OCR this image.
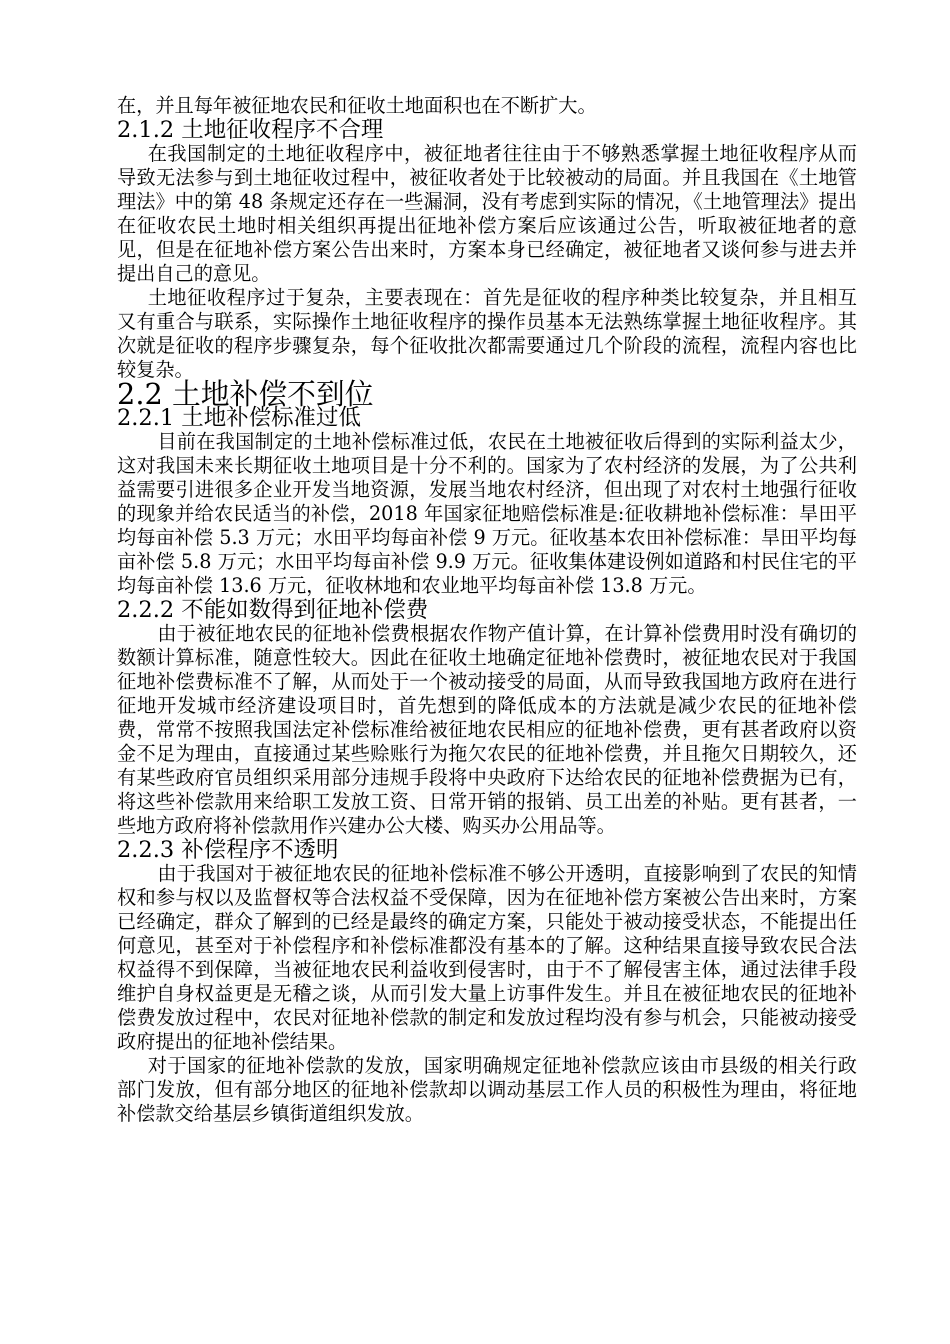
在，并且每年被征地农民和征收土地面积也在不断扩大。

2.1.2 土地征收程序不合理

在我国制定的土地征收程序中，被征地者往往由于不够熟悉掌握土地征收程序从而导致无法参与到土地征收过程中，被征收者处于比较被动的局面。并且我国在《土地管理法》中的第 48 条规定还存在一些漏洞，没有考虑到实际的情况，《土地管理法》提出在征收农民土地时相关组织再提出征地补偿方案后应该通过公告，听取被征地者的意见，但是在征地补偿方案公告出来时，方案本身已经确定，被征地者又谈何参与进去并提出自己的意见。

土地征收程序过于复杂，主要表现在：首先是征收的程序种类比较复杂，并且相互又有重合与联系，实际操作土地征收程序的操作员基本无法熟练掌握土地征收程序。其次就是征收的程序步骤复杂，每个征收批次都需要通过几个阶段的流程，流程内容也比较复杂。

2.2 土地补偿不到位
2.2.1 土地补偿标准过低

目前在我国制定的土地补偿标准过低，农民在土地被征收后得到的实际利益太少，这对我国未来长期征收土地项目是十分不利的。国家为了农村经济的发展，为了公共利益需要引进很多企业开发当地资源，发展当地农村经济，但出现了对农村土地强行征收的现象并给农民适当的补偿，2018 年国家征地赔偿标准是:征收耕地补偿标准：旱田平均每亩补偿 5.3 万元；水田平均每亩补偿 9 万元。征收基本农田补偿标准：旱田平均每亩补偿 5.8 万元；水田平均每亩补偿 9.9 万元。征收集体建设例如道路和村民住宅的平均每亩补偿 13.6 万元，征收林地和农业地平均每亩补偿 13.8 万元。

2.2.2 不能如数得到征地补偿费

由于被征地农民的征地补偿费根据农作物产值计算，在计算补偿费用时没有确切的数额计算标准，随意性较大。因此在征收土地确定征地补偿费时，被征地农民对于我国征地补偿费标准不了解，从而处于一个被动接受的局面，从而导致我国地方政府在进行征地开发城市经济建设项目时，首先想到的降低成本的方法就是减少农民的征地补偿费，常常不按照我国法定补偿标准给被征地农民相应的征地补偿费，更有甚者政府以资金不足为理由，直接通过某些赊账行为拖欠农民的征地补偿费，并且拖欠日期较久，还有某些政府官员组织采用部分违规手段将中央政府下达给农民的征地补偿费据为已有，将这些补偿款用来给职工发放工资、日常开销的报销、员工出差的补贴。更有甚者，一些地方政府将补偿款用作兴建办公大楼、购买办公用品等。

2.2.3 补偿程序不透明

由于我国对于被征地农民的征地补偿标准不够公开透明，直接影响到了农民的知情权和参与权以及监督权等合法权益不受保障，因为在征地补偿方案被公告出来时，方案已经确定，群众了解到的已经是最终的确定方案，只能处于被动接受状态，不能提出任何意见，甚至对于补偿程序和补偿标准都没有基本的了解。这种结果直接导致农民合法权益得不到保障，当被征地农民利益收到侵害时，由于不了解侵害主体，通过法律手段维护自身权益更是无稽之谈，从而引发大量上访事件发生。并且在被征地农民的征地补偿费发放过程中，农民对征地补偿款的制定和发放过程均没有参与机会，只能被动接受政府提出的征地补偿结果。

对于国家的征地补偿款的发放，国家明确规定征地补偿款应该由市县级的相关行政部门发放，但有部分地区的征地补偿款却以调动基层工作人员的积极性为理由，将征地补偿款交给基层乡镇街道组织发放。
